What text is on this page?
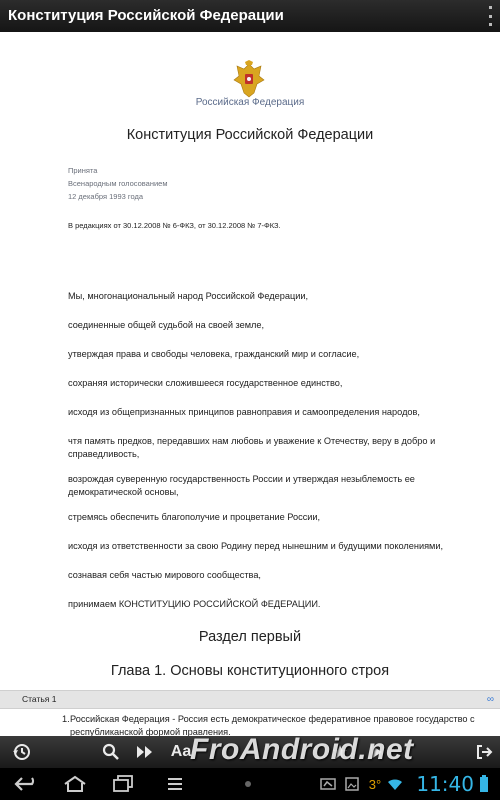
Конституция Российской Федерации
Российская Федерация
Конституция Российской Федерации
Принята
Всенародным голосованием
12 декабря 1993 года
В редакциях от 30.12.2008 № 6-ФКЗ, от 30.12.2008 № 7-ФКЗ.
Мы, многонациональный народ Российской Федерации,
соединенные общей судьбой на своей земле,
утверждая права и свободы человека, гражданский мир и согласие,
сохраняя исторически сложившееся государственное единство,
исходя из общепризнанных принципов равноправия и самоопределения народов,
чтя память предков, передавших нам любовь и уважение к Отечеству, веру в добро и справедливость,
возрождая суверенную государственность России и утверждая незыблемость ее демократической основы,
стремясь обеспечить благополучие и процветание России,
исходя из ответственности за свою Родину перед нынешним и будущими поколениями,
сознавая себя частью мирового сообщества,
принимаем КОНСТИТУЦИЮ РОССИЙСКОЙ ФЕДЕРАЦИИ.
Раздел первый
Глава 1. Основы конституционного строя
Статья 1	∞
1. Российская Федерация - Россия есть демократическое федеративное правовое государство с республиканской формой правления.
Aa
FroAndroid.net
3° 11:40
